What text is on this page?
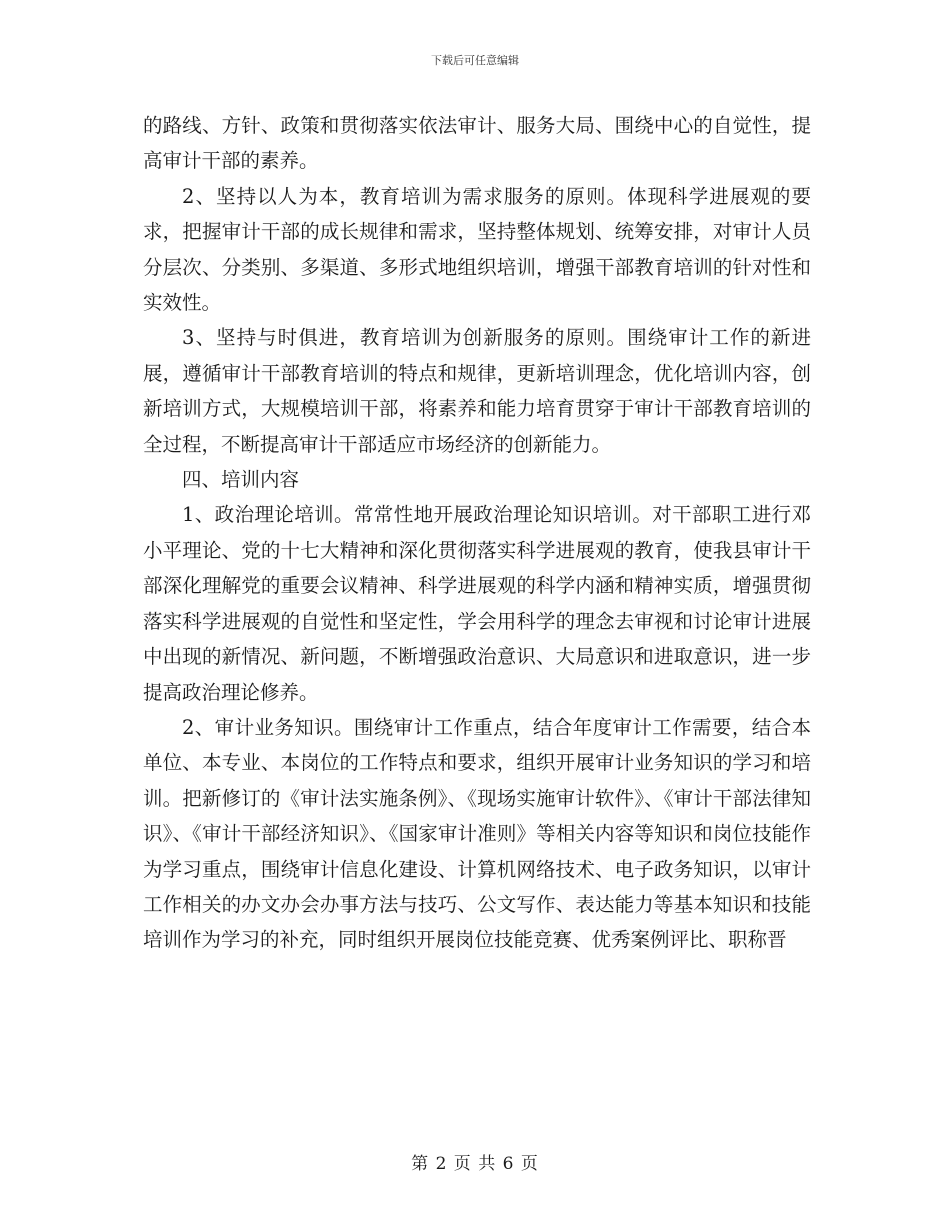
下载后可任意编辑

的路线、方针、政策和贯彻落实依法审计、服务大局、围绕中心的自觉性，提高审计干部的素养。

2、坚持以人为本，教育培训为需求服务的原则。体现科学进展观的要求，把握审计干部的成长规律和需求，坚持整体规划、统筹安排，对审计人员分层次、分类别、多渠道、多形式地组织培训，增强干部教育培训的针对性和实效性。

3、坚持与时俱进，教育培训为创新服务的原则。围绕审计工作的新进展，遵循审计干部教育培训的特点和规律，更新培训理念，优化培训内容，创新培训方式，大规模培训干部，将素养和能力培育贯穿于审计干部教育培训的全过程，不断提高审计干部适应市场经济的创新能力。

四、培训内容

1、政治理论培训。常常性地开展政治理论知识培训。对干部职工进行邓小平理论、党的十七大精神和深化贯彻落实科学进展观的教育，使我县审计干部深化理解党的重要会议精神、科学进展观的科学内涵和精神实质，增强贯彻落实科学进展观的自觉性和坚定性，学会用科学的理念去审视和讨论审计进展中出现的新情况、新问题，不断增强政治意识、大局意识和进取意识，进一步提高政治理论修养。

2、审计业务知识。围绕审计工作重点，结合年度审计工作需要，结合本单位、本专业、本岗位的工作特点和要求，组织开展审计业务知识的学习和培训。把新修订的《审计法实施条例》、《现场实施审计软件》、《审计干部法律知识》、《审计干部经济知识》、《国家审计准则》等相关内容等知识和岗位技能作为学习重点，围绕审计信息化建设、计算机网络技术、电子政务知识，以审计工作相关的办文办会办事方法与技巧、公文写作、表达能力等基本知识和技能培训作为学习的补充，同时组织开展岗位技能竞赛、优秀案例评比、职称晋

第 2 页 共 6 页
